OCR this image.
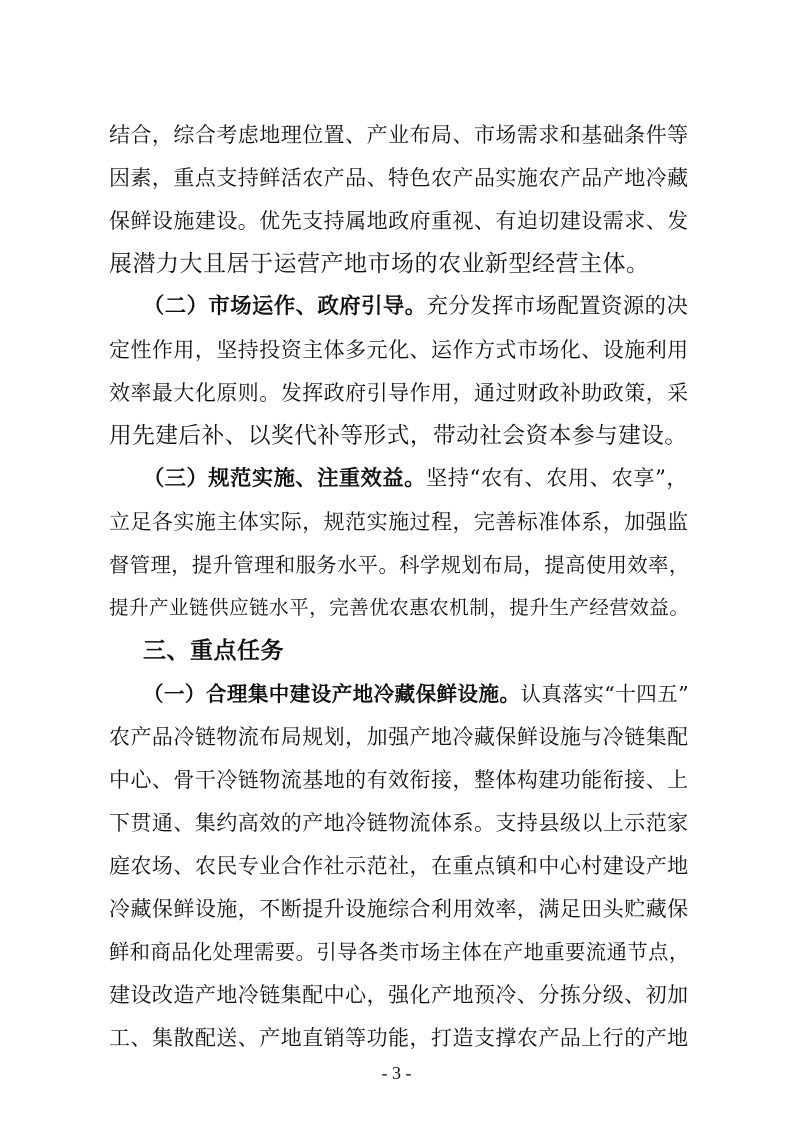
结合，综合考虑地理位置、产业布局、市场需求和基础条件等
因素，重点支持鲜活农产品、特色农产品实施农产品产地冷藏
保鲜设施建设。优先支持属地政府重视、有迫切建设需求、发
展潜力大且居于运营产地市场的农业新型经营主体。
（二）市场运作、政府引导。充分发挥市场配置资源的决
定性作用，坚持投资主体多元化、运作方式市场化、设施利用
效率最大化原则。发挥政府引导作用，通过财政补助政策，采
用先建后补、以奖代补等形式，带动社会资本参与建设。
（三）规范实施、注重效益。坚持“农有、农用、农享”，
立足各实施主体实际，规范实施过程，完善标准体系，加强监
督管理，提升管理和服务水平。科学规划布局，提高使用效率，
提升产业链供应链水平，完善优农惠农机制，提升生产经营效益。
三、重点任务
（一）合理集中建设产地冷藏保鲜设施。认真落实“十四五”
农产品冷链物流布局规划，加强产地冷藏保鲜设施与冷链集配
中心、骨干冷链物流基地的有效衔接，整体构建功能衔接、上
下贯通、集约高效的产地冷链物流体系。支持县级以上示范家
庭农场、农民专业合作社示范社，在重点镇和中心村建设产地
冷藏保鲜设施，不断提升设施综合利用效率，满足田头贮藏保
鲜和商品化处理需要。引导各类市场主体在产地重要流通节点，
建设改造产地冷链集配中心，强化产地预冷、分拣分级、初加
工、集散配送、产地直销等功能，打造支撑农产品上行的产地
- 3 -
